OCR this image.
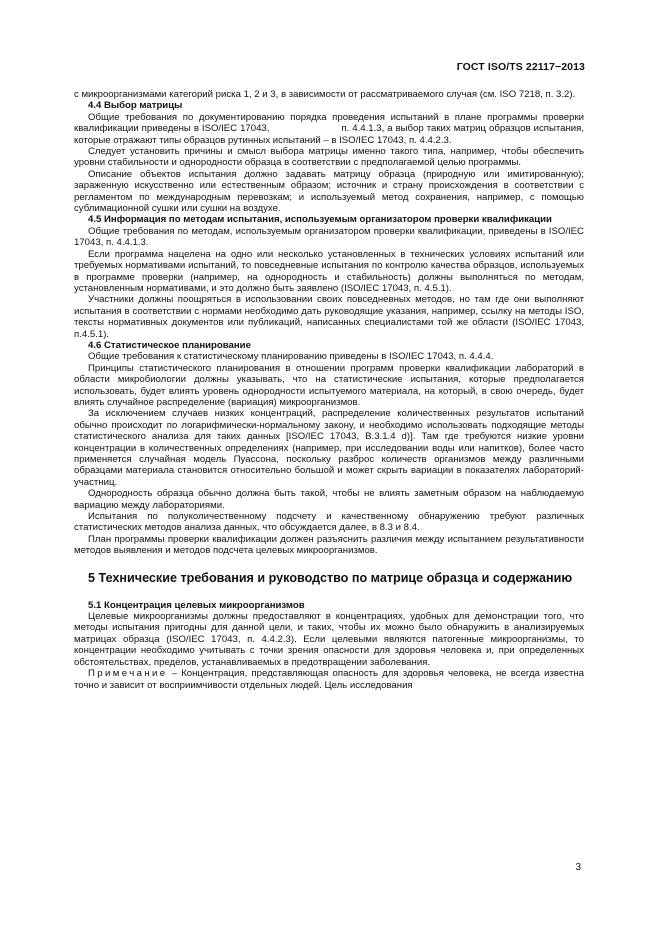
ГОСТ ISO/TS 22117−2013

с микроорганизмами категорий риска 1, 2 и 3, в зависимости от рассматриваемого случая (см. ISO 7218, п. 3.2).

4.4 Выбор матрицы

Общие требования по документированию порядка проведения испытаний в плане программы проверки квалификации приведены в ISO/IEC 17043,                        п. 4.4.1.3, а выбор таких матриц образцов испытания, которые отражают типы образцов рутинных испытаний – в ISO/IEC 17043, п. 4.4.2.3.

Следует установить причины и смысл выбора матрицы именно такого типа, например, чтобы обеспечить уровни стабильности и однородности образца в соответствии с предполагаемой целью программы.

Описание объектов испытания должно задавать матрицу образца (природную или имитированную); зараженную искусственно или естественным образом; источник и страну происхождения в соответствии с регламентом по международным перевозкам; и используемый метод сохранения, например, с помощью сублимационной сушки или сушки на воздухе.

4.5 Информация по методам испытания, используемым организатором проверки квалификации

Общие требования по методам, используемым организатором проверки квалификации, приведены в ISO/IEC 17043, п. 4.4.1.3.

Если программа нацелена на одно или несколько установленных в технических условиях испытаний или требуемых нормативами испытаний, то повседневные испытания по контролю качества образцов, используемых в программе проверки (например, на однородность и стабильность) должны выполняться по методам, установленным нормативами, и это должно быть заявлено (ISO/IEC 17043, п. 4.5.1).

Участники должны поощряться в использовании своих повседневных методов, но там где они выполняют испытания в соответствии с нормами необходимо дать руководящие указания, например, ссылку на методы ISO, тексты нормативных документов или публикаций, написанных специалистами той же области (ISO/IEC 17043, п.4.5.1).

4.6 Статистическое планирование

Общие требования к статистическому планированию приведены в ISO/IEC 17043, п. 4.4.4.

Принципы статистического планирования в отношении программ проверки квалификации лабораторий в области микробиологии должны указывать, что на статистические испытания, которые предполагается использовать, будет влиять уровень однородности испытуемого материала, на который, в свою очередь, будет влиять случайное распределение (вариация) микроорганизмов.

За исключением случаев низких концентраций, распределение количественных результатов испытаний обычно происходит по логарифмически-нормальному закону, и необходимо использовать подходящие методы статистического анализа для таких данных [ISO/IEC 17043, В.3.1.4 d)]. Там где требуются низкие уровни концентрации в количественных определениях (например, при исследовании воды или напитков), более часто применяется случайная модель Пуассона, поскольку разброс количеств организмов между различными образцами материала становится относительно большой и может скрыть вариации в показателях лабораторий-участниц.

Однородность образца обычно должна быть такой, чтобы не влиять заметным образом на наблюдаемую вариацию между лабораториями.

Испытания по полуколичественному подсчету и качественному обнаружению требуют различных статистических методов анализа данных, что обсуждается далее, в 8.3 и 8.4.

План программы проверки квалификации должен разъяснить различия между испытанием результативности методов выявления и методов подсчета целевых микроорганизмов.

5 Технические требования и руководство по матрице образца и содержанию
5.1 Концентрация целевых микроорганизмов

Целевые микроорганизмы должны предоставляют в концентрациях, удобных для демонстрации того, что методы испытания пригодны для данной цели, и таких, чтобы их можно было обнаружить в анализируемых матрицах образца (ISO/IEC 17043, п. 4.4.2.3). Если целевыми являются патогенные микроорганизмы, то концентрации необходимо учитывать с точки зрения опасности для здоровья человека и, при определенных обстоятельствах, пределов, устанавливаемых в предотвращении заболевания.

Примечание – Концентрация, представляющая опасность для здоровья человека, не всегда известна точно и зависит от восприимчивости отдельных людей. Цель исследования

3
